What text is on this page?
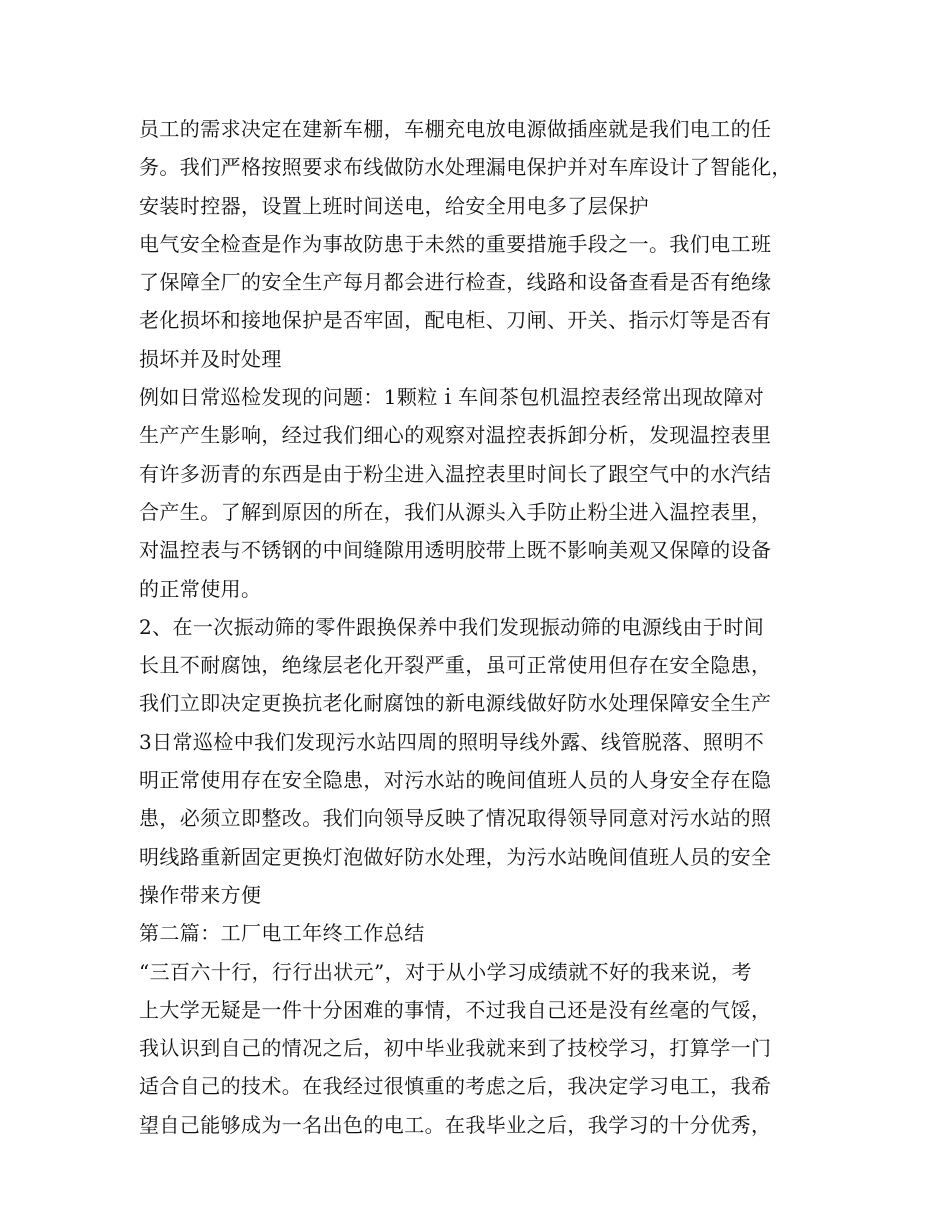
员工的需求决定在建新车棚，车棚充电放电源做插座就是我们电工的任
务。我们严格按照要求布线做防水处理漏电保护并对车库设计了智能化，
安装时控器，设置上班时间送电，给安全用电多了层保护
电气安全检查是作为事故防患于未然的重要措施手段之一。我们电工班
了保障全厂的安全生产每月都会进行检查，线路和设备查看是否有绝缘
老化损坏和接地保护是否牢固，配电柜、刀闸、开关、指示灯等是否有
损坏并及时处理
例如日常巡检发现的问题：1颗粒ｉ车间茶包机温控表经常出现故障对
生产产生影响，经过我们细心的观察对温控表拆卸分析，发现温控表里
有许多沥青的东西是由于粉尘进入温控表里时间长了跟空气中的水汽结
合产生。了解到原因的所在，我们从源头入手防止粉尘进入温控表里，
对温控表与不锈钢的中间缝隙用透明胶带上既不影响美观又保障的设备
的正常使用。
2、在一次振动筛的零件跟换保养中我们发现振动筛的电源线由于时间
长且不耐腐蚀，绝缘层老化开裂严重，虽可正常使用但存在安全隐患，
我们立即决定更换抗老化耐腐蚀的新电源线做好防水处理保障安全生产
3日常巡检中我们发现污水站四周的照明导线外露、线管脱落、照明不
明正常使用存在安全隐患，对污水站的晚间值班人员的人身安全存在隐
患，必须立即整改。我们向领导反映了情况取得领导同意对污水站的照
明线路重新固定更换灯泡做好防水处理，为污水站晚间值班人员的安全
操作带来方便
第二篇：工厂电工年终工作总结
“三百六十行，行行出状元”，对于从小学习成绩就不好的我来说，考
上大学无疑是一件十分困难的事情，不过我自己还是没有丝毫的气馁，
我认识到自己的情况之后，初中毕业我就来到了技校学习，打算学一门
适合自己的技术。在我经过很慎重的考虑之后，我决定学习电工，我希
望自己能够成为一名出色的电工。在我毕业之后，我学习的十分优秀，
